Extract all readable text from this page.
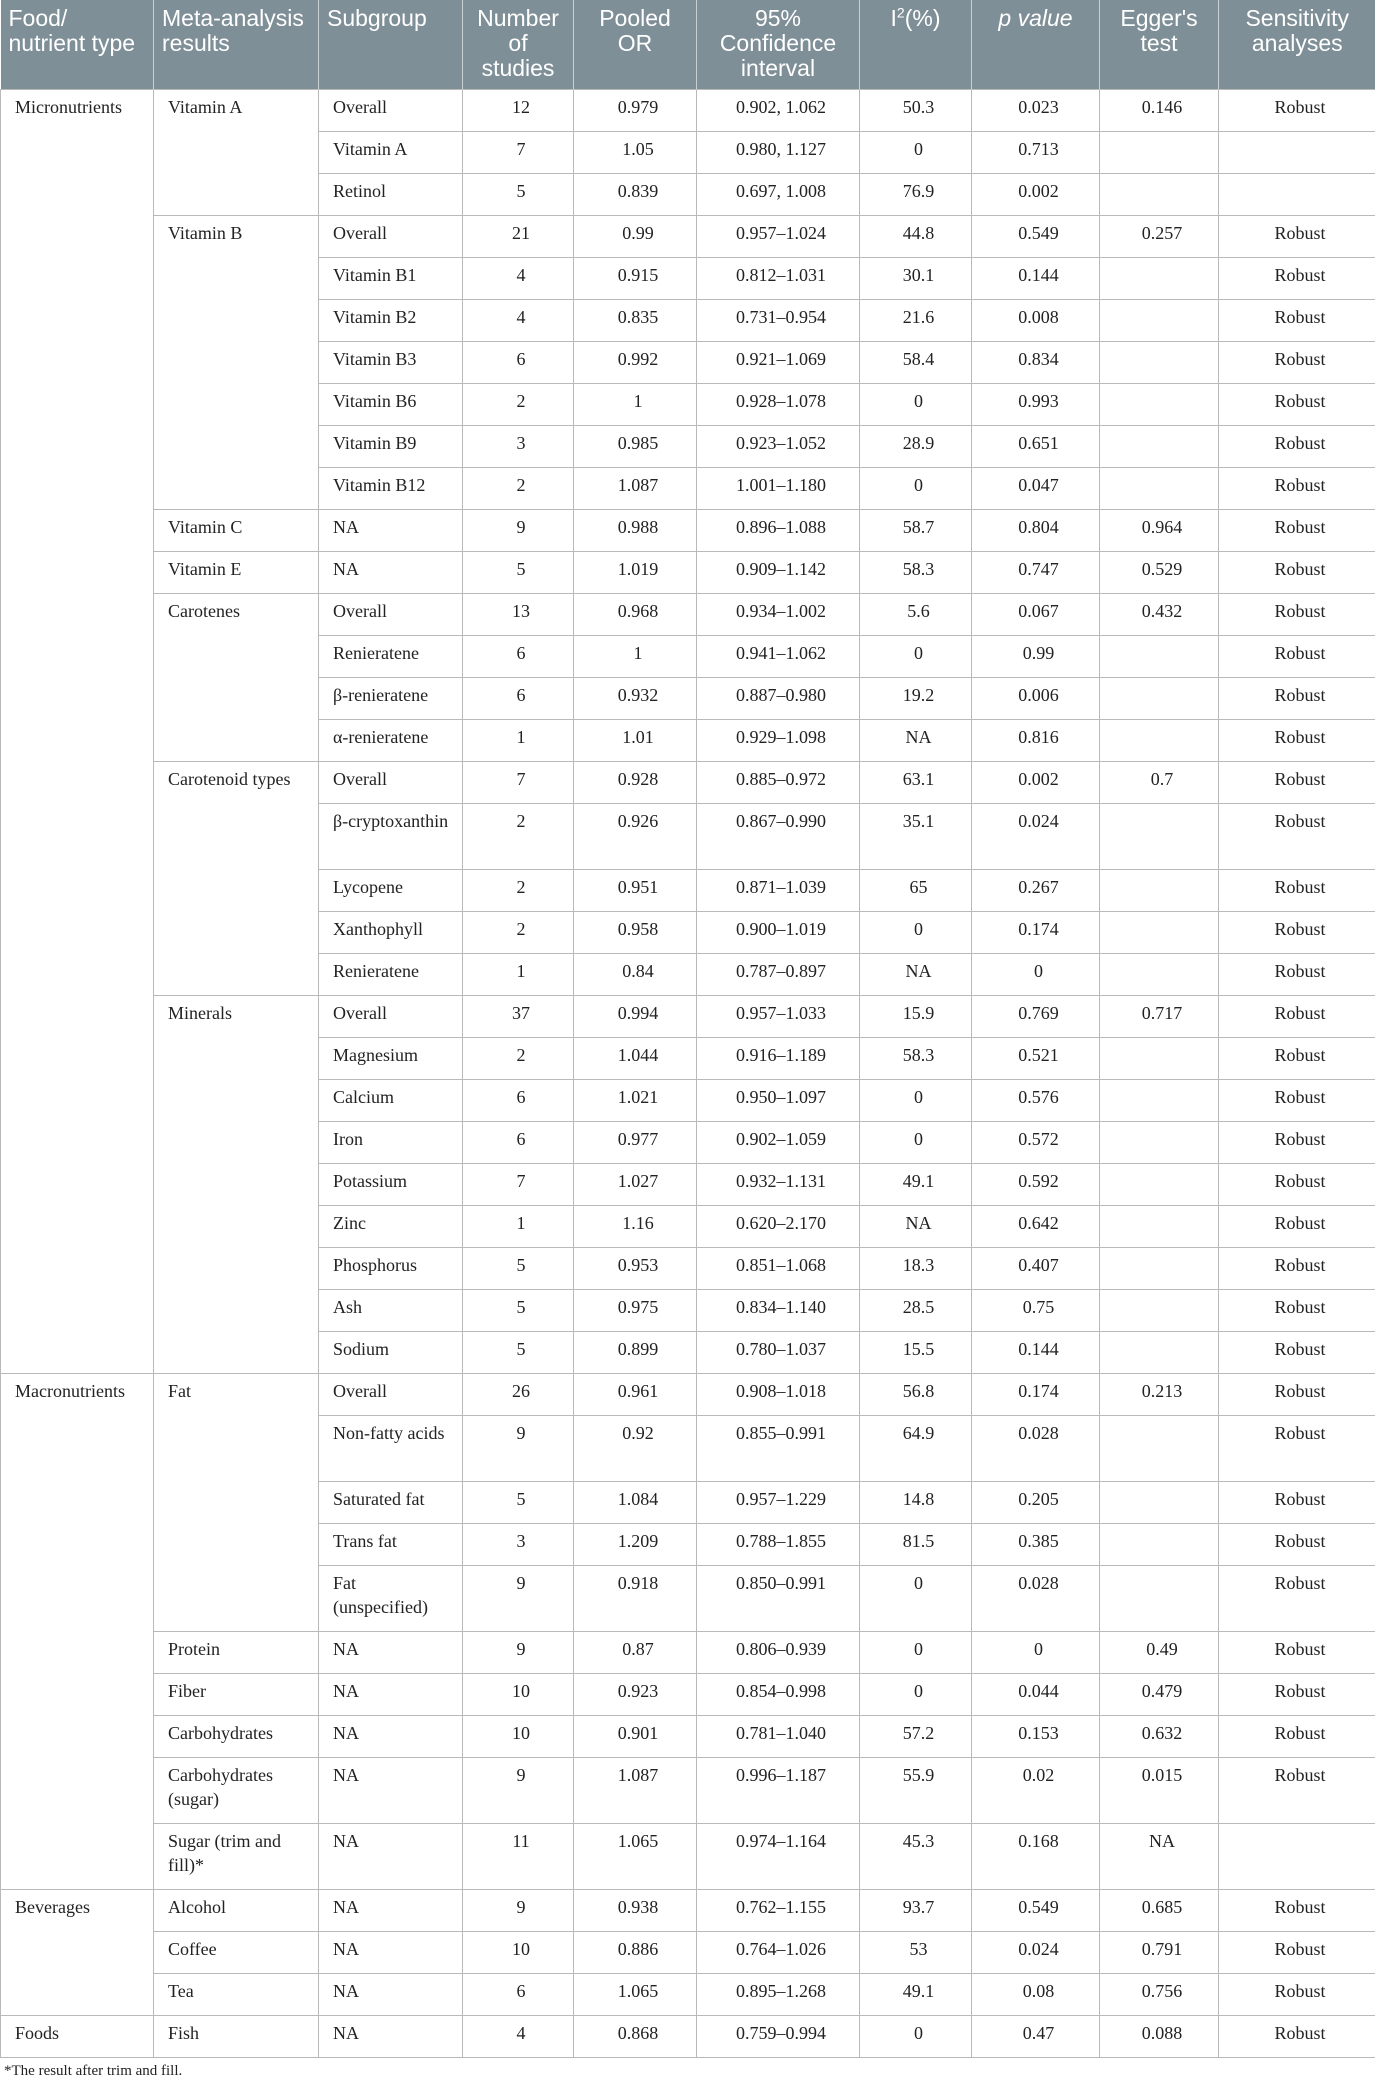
Food/ nutrient type	Meta-analysis results	Subgroup	Number of studies	Pooled OR	95% Confidence interval	$I^2(\%)$	p value	Egger's test	Sensitivity analyses
Micronutrients	Vitamin A	Overall	12	0.979	0.902, 1.062	50.3	0.023	0.146	Robust
		Vitamin A	7	1.05	0.980, 1.127	0	0.713		
		Retinol	5	0.839	0.697, 1.008	76.9	0.002		
	Vitamin B	Overall	21	0.99	0.957–1.024	44.8	0.549	0.257	Robust
		Vitamin B1	4	0.915	0.812–1.031	30.1	0.144		Robust
		Vitamin B2	4	0.835	0.731–0.954	21.6	0.008		Robust
		Vitamin B3	6	0.992	0.921–1.069	58.4	0.834		Robust
		Vitamin B6	2	1	0.928–1.078	0	0.993		Robust
		Vitamin B9	3	0.985	0.923–1.052	28.9	0.651		Robust
		Vitamin B12	2	1.087	1.001–1.180	0	0.047		Robust
	Vitamin C	NA	9	0.988	0.896–1.088	58.7	0.804	0.964	Robust
	Vitamin E	NA	5	1.019	0.909–1.142	58.3	0.747	0.529	Robust
	Carotenes	Overall	13	0.968	0.934–1.002	5.6	0.067	0.432	Robust
		Renieratene	6	1	0.941–1.062	0	0.99		Robust
		β-renieratene	6	0.932	0.887–0.980	19.2	0.006		Robust
		α-renieratene	1	1.01	0.929–1.098	NA	0.816		Robust
	Carotenoid types	Overall	7	0.928	0.885–0.972	63.1	0.002	0.7	Robust
		β-cryptoxanthin	2	0.926	0.867–0.990	35.1	0.024		Robust
		Lycopene	2	0.951	0.871–1.039	65	0.267		Robust
		Xanthophyll	2	0.958	0.900–1.019	0	0.174		Robust
		Renieratene	1	0.84	0.787–0.897	NA	0		Robust
	Minerals	Overall	37	0.994	0.957–1.033	15.9	0.769	0.717	Robust
		Magnesium	2	1.044	0.916–1.189	58.3	0.521		Robust
		Calcium	6	1.021	0.950–1.097	0	0.576		Robust
		Iron	6	0.977	0.902–1.059	0	0.572		Robust
		Potassium	7	1.027	0.932–1.131	49.1	0.592		Robust
		Zinc	1	1.16	0.620–2.170	NA	0.642		Robust
		Phosphorus	5	0.953	0.851–1.068	18.3	0.407		Robust
		Ash	5	0.975	0.834–1.140	28.5	0.75		Robust
		Sodium	5	0.899	0.780–1.037	15.5	0.144		Robust
Macronutrients	Fat	Overall	26	0.961	0.908–1.018	56.8	0.174	0.213	Robust
		Non-fatty acids	9	0.92	0.855–0.991	64.9	0.028		Robust
		Saturated fat	5	1.084	0.957–1.229	14.8	0.205		Robust
		Trans fat	3	1.209	0.788–1.855	81.5	0.385		Robust
		Fat (unspecified)	9	0.918	0.850–0.991	0	0.028		Robust
	Protein	NA	9	0.87	0.806–0.939	0	0	0.49	Robust
	Fiber	NA	10	0.923	0.854–0.998	0	0.044	0.479	Robust
	Carbohydrates	NA	10	0.901	0.781–1.040	57.2	0.153	0.632	Robust
	Carbohydrates (sugar)	NA	9	1.087	0.996–1.187	55.9	0.02	0.015	Robust
	Sugar (trim and fill)*	NA	11	1.065	0.974–1.164	45.3	0.168	NA	
Beverages	Alcohol	NA	9	0.938	0.762–1.155	93.7	0.549	0.685	Robust
	Coffee	NA	10	0.886	0.764–1.026	53	0.024	0.791	Robust
	Tea	NA	6	1.065	0.895–1.268	49.1	0.08	0.756	Robust
Foods	Fish	NA	4	0.868	0.759–0.994	0	0.47	0.088	Robust
*The result after trim and fill.
